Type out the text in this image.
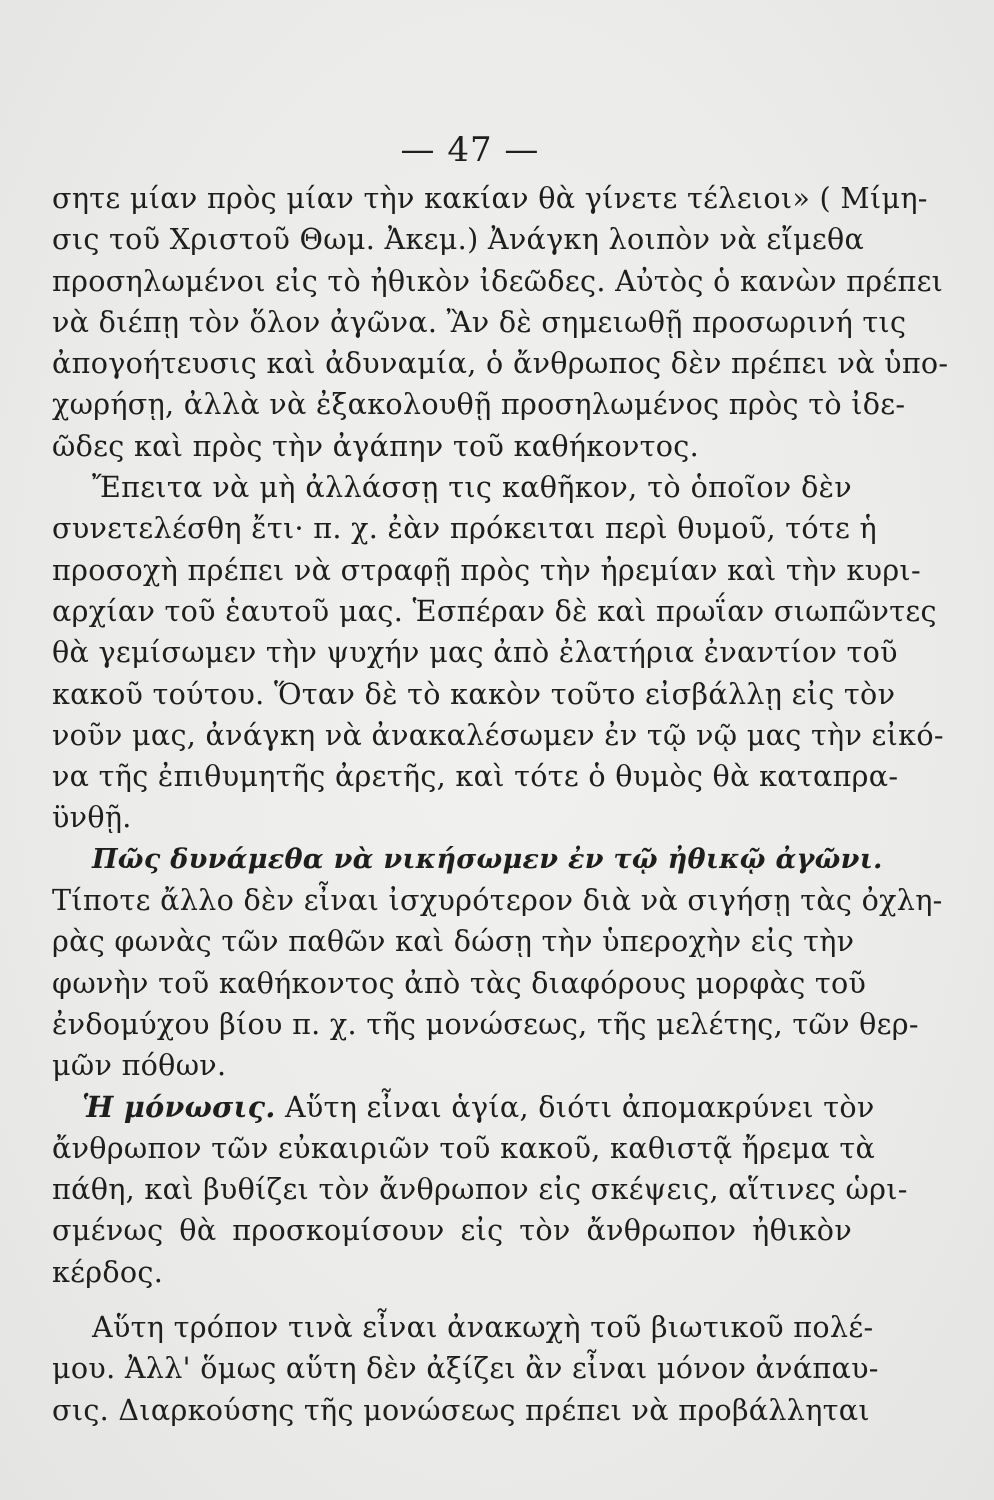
— 47 —
σητε μίαν πρὸς μίαν τὴν κακίαν θὰ γίνετε τέλειοι» ( Μίμη-
σις τοῦ Χριστοῦ Θωμ. Ἀκεμ.) Ἀνάγκη λοιπὸν νὰ εἴμεθα
προσηλωμένοι εἰς τὸ ἠθικὸν ἰδεῶδες. Αὐτὸς ὁ κανὼν πρέπει
νὰ διέπῃ τὸν ὅλον ἀγῶνα. Ἂν δὲ σημειωθῇ προσωρινή τις
ἀπογοήτευσις καὶ ἀδυναμία, ὁ ἄνθρωπος δὲν πρέπει νὰ ὑπο-
χωρήσῃ, ἀλλὰ νὰ ἐξακολουθῇ προσηλωμένος πρὸς τὸ ἰδε-
ῶδες καὶ πρὸς τὴν ἀγάπην τοῦ καθήκοντος.
Ἔπειτα νὰ μὴ ἀλλάσσῃ τις καθῆκον, τὸ ὁποῖον δὲν
συνετελέσθη ἔτι· π. χ. ἐὰν πρόκειται περὶ θυμοῦ, τότε ἡ
προσοχὴ πρέπει νὰ στραφῇ πρὸς τὴν ἠρεμίαν καὶ τὴν κυρι-
αρχίαν τοῦ ἑαυτοῦ μας. Ἑσπέραν δὲ καὶ πρωΐαν σιωπῶντες
θὰ γεμίσωμεν τὴν ψυχήν μας ἀπὸ ἐλατήρια ἐναντίον τοῦ
κακοῦ τούτου. Ὅταν δὲ τὸ κακὸν τοῦτο εἰσβάλλῃ εἰς τὸν
νοῦν μας, ἀνάγκη νὰ ἀνακαλέσωμεν ἐν τῷ νῷ μας τὴν εἰκό-
να τῆς ἐπιθυμητῆς ἀρετῆς, καὶ τότε ὁ θυμὸς θὰ καταπρα-
ϋνθῇ.
Πῶς δυνάμεθα νὰ νικήσωμεν ἐν τῷ ἠθικῷ ἀγῶνι.
Τίποτε ἄλλο δὲν εἶναι ἰσχυρότερον διὰ νὰ σιγήσῃ τὰς ὀχλη-
ρὰς φωνὰς τῶν παθῶν καὶ δώσῃ τὴν ὑπεροχὴν εἰς τὴν
φωνὴν τοῦ καθήκοντος ἀπὸ τὰς διαφόρους μορφὰς τοῦ
ἐνδομύχου βίου π. χ. τῆς μονώσεως, τῆς μελέτης, τῶν θερ-
μῶν πόθων.
Ἡ μόνωσις. Αὕτη εἶναι ἁγία, διότι ἀπομακρύνει τὸν
ἄνθρωπον τῶν εὐκαιριῶν τοῦ κακοῦ, καθιστᾷ ἤρεμα τὰ
πάθη, καὶ βυθίζει τὸν ἄνθρωπον εἰς σκέψεις, αἵτινες ὡρι-
σμένως θὰ προσκομίσουν εἰς τὸν ἄνθρωπον ἠθικὸν
κέρδος.
Αὕτη τρόπον τινὰ εἶναι ἀνακωχὴ τοῦ βιωτικοῦ πολέ-
μου. Ἀλλ' ὅμως αὕτη δὲν ἀξίζει ἂν εἶναι μόνον ἀνάπαυ-
σις. Διαρκούσης τῆς μονώσεως πρέπει νὰ προβάλληται
